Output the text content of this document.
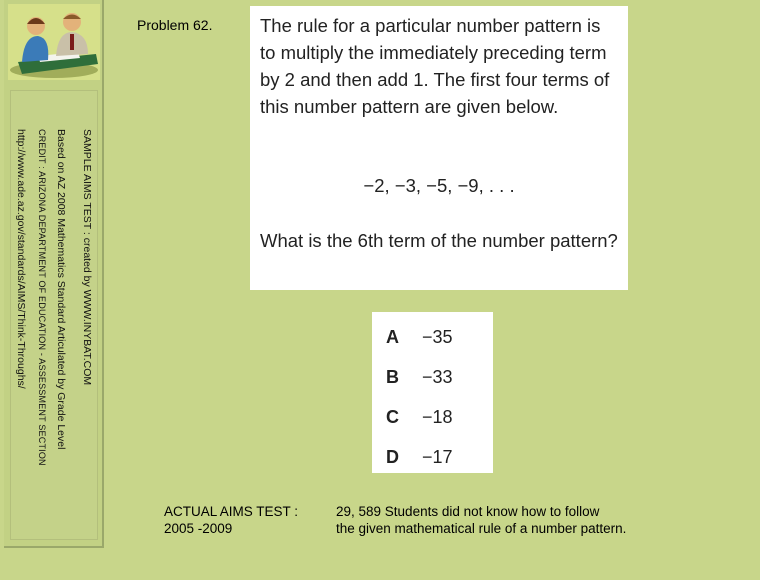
SAMPLE AIMS TEST : created by WWW.INYBAT.COM
Based on AZ 2008 Mathematics Standard Articulated by Grade Level
CREDIT : ARIZONA DEPARTMENT OF EDUCATION - ASSESSMENT SECTION
http://www.ade.az.gov/standards/AIMS/Think-Throughs/
Problem 62.	The rule for a particular number pattern is to multiply the immediately preceding term by 2 and then add 1. The first four terms of this number pattern are given below.

−2, −3, −5, −9, . . .
What is the 6th term of the number pattern?
A	−35
B	−33
C	−18
D	−17
ACTUAL AIMS TEST :	29, 589 Students did not know how to follow
2005 -2009	the given mathematical rule of a number pattern.
